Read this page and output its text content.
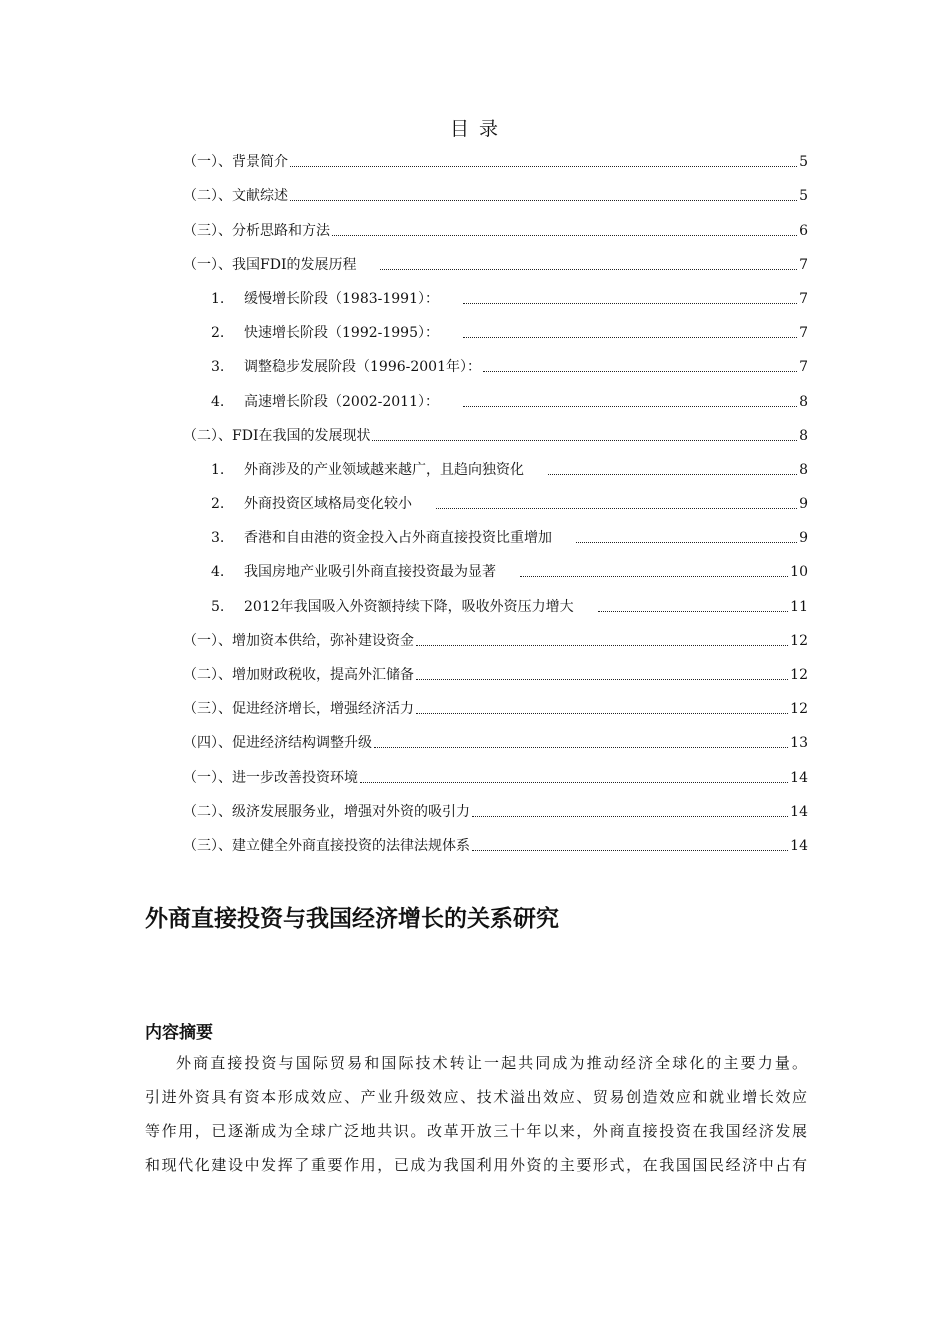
目 录
（一）、背景简介	5
（二）、文献综述	5
（三）、分析思路和方法	6
（一）、我国FDI的发展历程	7
1.	缓慢增长阶段（1983-1991）：	7
2.	快速增长阶段（1992-1995）：	7
3.	调整稳步发展阶段（1996-2001年）：	7
4.	高速增长阶段（2002-2011）：	8
（二）、FDI在我国的发展现状	8
1.	外商涉及的产业领域越来越广，且趋向独资化	8
2.	外商投资区域格局变化较小	9
3.	香港和自由港的资金投入占外商直接投资比重增加	9
4.	我国房地产业吸引外商直接投资最为显著	10
5.	2012年我国吸入外资额持续下降，吸收外资压力增大	11
（一）、增加资本供给，弥补建设资金	12
（二）、增加财政税收，提高外汇储备	12
（三）、促进经济增长，增强经济活力	12
（四）、促进经济结构调整升级	13
（一）、进一步改善投资环境	14
（二）、级济发展服务业，增强对外资的吸引力	14
（三）、建立健全外商直接投资的法律法规体系	14
外商直接投资与我国经济增长的关系研究
内容摘要
外商直接投资与国际贸易和国际技术转让一起共同成为推动经济全球化的主要力量。
引进外资具有资本形成效应、产业升级效应、技术溢出效应、贸易创造效应和就业增长效应
等作用，已逐渐成为全球广泛地共识。改革开放三十年以来，外商直接投资在我国经济发展
和现代化建设中发挥了重要作用，已成为我国利用外资的主要形式，在我国国民经济中占有
